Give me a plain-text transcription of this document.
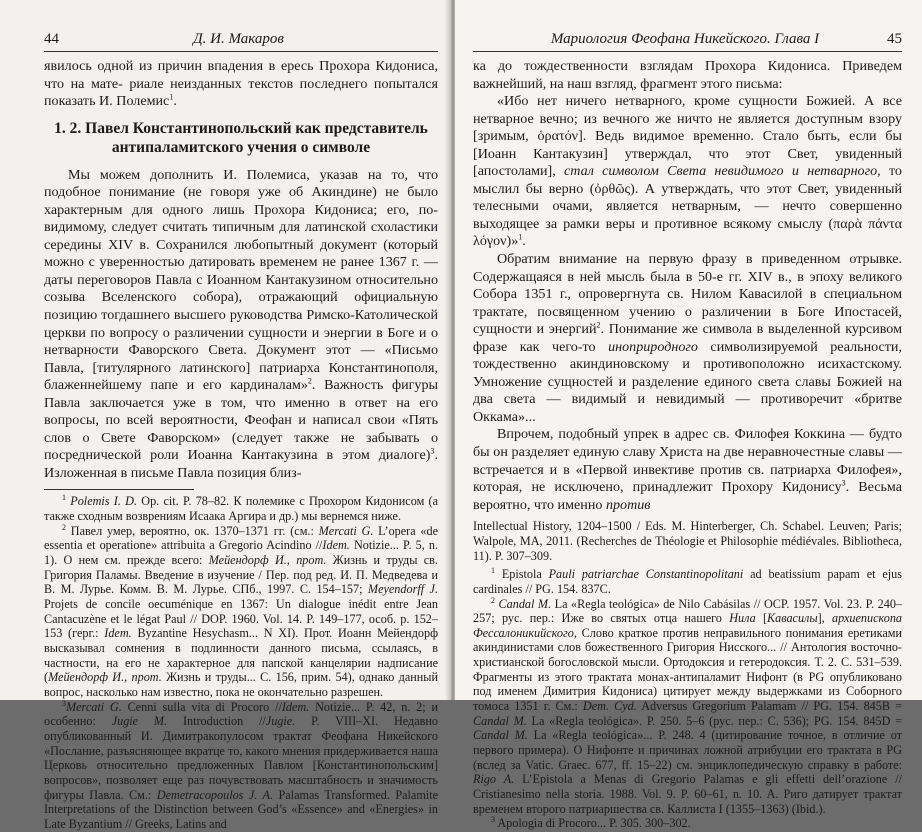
44	Д. И. Макаров

явилось одной из причин впадения в ересь Прохора Кидониса, что на мате- риале неизданных текстов последнего попытался показать И. Полемис$^1$.

1. 2. Павел Константинопольский как представитель антипаламитского учения о символе

Мы можем дополнить И. Полемиса, указав на то, что подобное понимание (не говоря уже об Акиндине) не было характерным для одного лишь Прохора Кидониса; его, по-видимому, следует считать типичным для латинской схоластики середины XIV в. Сохранился любопытный документ (который можно с уверенностью датировать временем не ранее 1367 г. — даты переговоров Павла с Иоанном Кантакузином относительно созыва Вселенского собора), отражающий официальную позицию тогдашнего высшего руководства Римско-Католической церкви по вопросу о различении сущности и энергии в Боге и о нетварности Фаворского Света. Документ этот — «Письмо Павла, [титулярного латинского] патриарха Константинополя, блаженнейшему папе и его кардиналам»$^2$. Важность фигуры Павла заключается уже в том, что именно в ответ на его вопросы, по всей вероятности, Феофан и написал свои «Пять слов о Свете Фаворском» (следует также не забывать о посреднической роли Иоанна Кантакузина в этом диалоге)$^3$. Изложенная в письме Павла позиция близ-

$^1$ Polemis I. D. Op. cit. P. 78–82. К полемике с Прохором Кидонисом (а также сходным возврениям Исаака Аргира и др.) мы вернемся ниже.

$^2$ Павел умер, вероятно, ок. 1370–1371 гг. (см.: Mercati G. L’opera «de essentia et operatione» attribuita a Gregorio Acindino //Idem. Notizie... P. 5, n. 1). О нем см. прежде всего: Мейендорф И., прот. Жизнь и труды св. Григория Паламы. Введение в изучение / Пер. под ред. И. П. Медведева и В. М. Лурье. Комм. В. М. Лурье. СПб., 1997. С. 154–157; Meyendorff J. Projets de concile oecuménique en 1367: Un dialogue inédit entre Jean Cantacuzène et le légat Paul // DOP. 1960. Vol. 14. P. 149–177, особ. р. 152–153 (герг.: Idem. Byzantine Hesychasm... N XI). Прот. Иоанн Мейендорф высказывал сомнения в подлинности данного письма, ссылаясь, в частности, на его не характерное для папской канцелярии надписание (Мейендорф И., прот. Жизнь и труды... С. 156, прим. 54), однако данный вопрос, насколько нам известно, пока не окончательно разрешен.

$^3$Mercati G. Cenni sulla vita di Procoro //Idem. Notizie... P. 42, n. 2; и особенно: Jugie M. Introduction //Jugie. P. VIII–XI. Недавно опубликованный И. Димитракопулосом трактат Феофана Никейского «Послание, разъясняющее вкратце то, какого мнения придерживается наша Церковь относительно предложенных Павлом [Константинопольским] вопросов», позволяет еще раз почувствовать масштабность и значимость фигуры Павла. См.: Demetracopoulos J. A. Palamas Transformed. Palamite Interpretations of the Distinction between God’s «Essence» and «Energies» in Late Byzantium // Greeks, Latins and

Мариология Феофана Никейского. Глава I	45

ка до тождественности взглядам Прохора Кидониса. Приведем важнейший, на наш взгляд, фрагмент этого письма:

«Ибо нет ничего нетварного, кроме сущности Божией. А все нетварное вечно; из вечного же ничто не является доступным взору [зримым, ὁρατόν]. Ведь видимое временно. Стало быть, если бы [Иоанн Кантакузин] утверждал, что этот Свет, увиденный [апостолами], стал символом Света невидимого и нетварного, то мыслил бы верно (ὀρθῶς). А утверждать, что этот Свет, увиденный телесными очами, является нетварным, — нечто совершенно выходящее за рамки веры и противное всякому смыслу (παρὰ πάντα λόγον)»$^1$.

Обратим внимание на первую фразу в приведенном отрывке. Содержащаяся в ней мысль была в 50-е гг. XIV в., в эпоху великого Собора 1351 г., опровергнута св. Нилом Кавасилой в специальном трактате, посвященном учению о различении в Боге Ипостасей, сущности и энергий$^2$. Понимание же символа в выделенной курсивом фразе как чего-то иноприродного символизируемой реальности, тождественно акиндиновскому и противоположно исихастскому. Умножение сущностей и разделение единого света славы Божией на два света — видимый и невидимый — противоречит «бритве Оккама»...

Впрочем, подобный упрек в адрес св. Филофея Коккина — будто бы он разделяет единую славу Христа на две неравночестные славы — встречается и в «Первой инвективе против св. патриарха Филофея», которая, не исключено, принадлежит Прохору Кидонису$^3$. Весьма вероятно, что именно против

Intellectual History, 1204–1500 / Eds. M. Hinterberger, Ch. Schabel. Leuven; Paris; Walpole, MA, 2011. (Recherches de Théologie et Philosophie médiévales. Bibliotheca, 11). P. 307–309.

$^1$ Epistola Pauli patriarchae Constantinopolitani ad beatissium papam et ejus cardinales // PG. 154. 837C.

$^2$ Candal M. La «Regla teológica» de Nilo Cabásilas // OCP. 1957. Vol. 23. P. 240–257; рус. пер.: Иже во святых отца нашего Нила [Кавасилы], архиепископа Фессалоникийского, Слово краткое против неправильного понимания еретиками акиндинистами слов божественного Григория Нисского... // Антология восточно-христианской богословской мысли. Ортодоксия и гетеродоксия. Т. 2. С. 531–539. Фрагменты из этого трактата монах-антипаламит Нифонт (в PG опубликовано под именем Димитрия Кидониса) цитирует между выдержками из Соборного томоса 1351 г. См.: Dem. Cyd. Adversus Gregorium Palamam // PG. 154. 845B = Candal M. La «Regla teológica». P. 250. 5–6 (рус. пер.: С. 536); PG. 154. 845D = Candal M. La «Regla teológica»... P. 248. 4 (цитирование точное, в отличие от первого примера). О Нифонте и причинах ложной атрибуции его трактата в PG (вслед за Vatic. Graec. 677, ff. 15–22) см. энциклопедическую справку в работе: Rigo A. L’Epistola a Menas di Gregorio Palamas e gli effetti dell’orazione // Cristianesimo nella storia. 1988. Vol. 9. P. 60–61, n. 10. A. Риго датирует трактат временем второго патриаршества св. Каллиста I (1355–1363) (Ibid.).

$^3$ Apologia di Procoro... P. 305. 300–302.
